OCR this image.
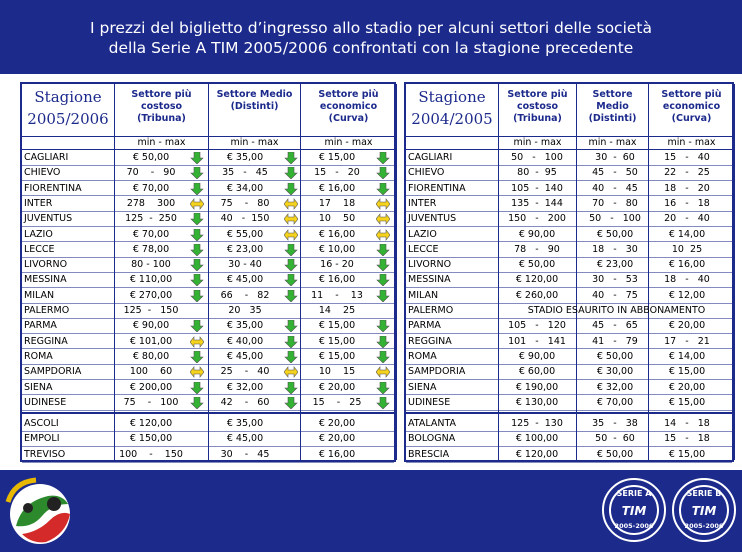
I prezzi del biglietto d’ingresso allo stadio per alcuni settori delle società
della Serie A TIM 2005/2006 confrontati con la stagione precedente
Stagione
2005/2006
Settore più costoso (Tribuna)
min - max
Settore Medio (Distinti)
min - max
Settore più economico (Curva)
min - max
CAGLIARI	€ 50,00	€ 35,00	€ 15,00
CHIEVO	70    -   90	35   -   45	15   -   20
FIORENTINA	€ 70,00	€ 34,00	€ 16,00
INTER	278    300	75    -   80	17    18
JUVENTUS	125  -  250	40   -  150	10    50
LAZIO	€ 70,00	€ 55,00	€ 16,00
LECCE	€ 78,00	€ 23,00	€ 10,00
LIVORNO	80 - 100	30 - 40	16 - 20
MESSINA	€ 110,00	€ 45,00	€ 16,00
MILAN	€ 270,00	66    -   82	11    -    13
PALERMO	125  -   150	20   35	14    25
PARMA	€ 90,00	€ 35,00	€ 15,00
REGGINA	€ 101,00	€ 40,00	€ 15,00
ROMA	€ 80,00	€ 45,00	€ 15,00
SAMPDORIA	100    60	25    -   40	10    15
SIENA	€ 200,00	€ 32,00	€ 20,00
UDINESE	75    -   100	42    -   60	15    -   25
ASCOLI	€ 120,00	€ 35,00	€ 20,00
EMPOLI	€ 150,00	€ 45,00	€ 20,00
TREVISO	100    -    150	30    -   45	€ 16,00
Stagione
2004/2005
Settore più costoso (Tribuna)
min - max
Settore Medio (Distinti)
min - max
Settore più economico (Curva)
min - max
CAGLIARI	50   -   100	30  -  60	15   -   40
CHIEVO	80  -  95	45   -   50	22   -   25
FIORENTINA	105  -  140	40   -   45	18   -   20
INTER	135  -  144	70   -   80	16   -   18
JUVENTUS	150   -   200	50   -   100	20   -   40
LAZIO	€ 90,00	€ 50,00	€ 14,00
LECCE	78   -   90	18   -   30	10  25
LIVORNO	€ 50,00	€ 23,00	€ 16,00
MESSINA	€ 120,00	30   -   53	18   -   40
MILAN	€ 260,00	40   -   75	€ 12,00
PALERMO	STADIO ESAURITO IN ABBONAMENTO
PARMA	105   -   120	45   -   65	€ 20,00
REGGINA	101   -   141	41   -   79	17   -   21
ROMA	€ 90,00	€ 50,00	€ 14,00
SAMPDORIA	€ 60,00	€ 30,00	€ 15,00
SIENA	€ 190,00	€ 32,00	€ 20,00
UDINESE	€ 130,00	€ 70,00	€ 15,00
ATALANTA	125  -  130	35   -   38	14   -   18
BOLOGNA	€ 100,00	50  -  60	15   -   18
BRESCIA	€ 120,00	€ 50,00	€ 15,00
SERIE A
TIM
2005-2006
SERIE B
TIM
2005-2006
